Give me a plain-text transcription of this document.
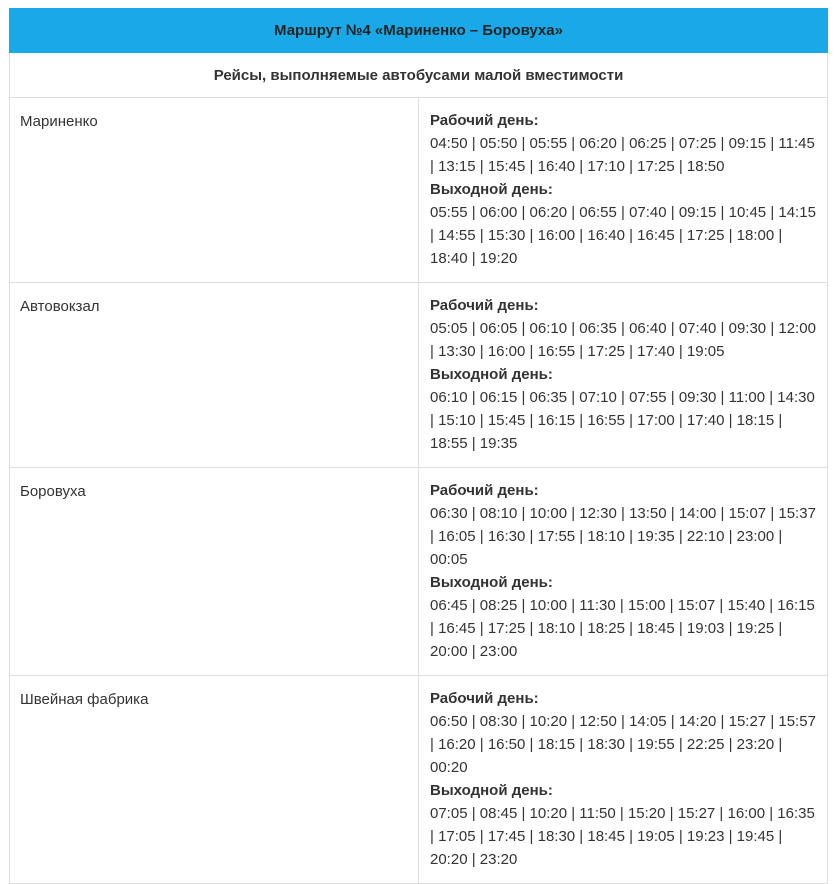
Маршрут №4 «Мариненко – Боровуха»	
Рейсы, выполняемые автобусами малой вместимости	
Мариненко	Рабочий день:
04:50 | 05:50 | 05:55 | 06:20 | 06:25 | 07:25 | 09:15 | 11:45 | 13:15 | 15:45 | 16:40 | 17:10 | 17:25 | 18:50
Выходной день:
05:55 | 06:00 | 06:20 | 06:55 | 07:40 | 09:15 | 10:45 | 14:15 | 14:55 | 15:30 | 16:00 | 16:40 | 16:45 | 17:25 | 18:00 | 18:40 | 19:20

Автовокзал	Рабочий день:
05:05 | 06:05 | 06:10 | 06:35 | 06:40 | 07:40 | 09:30 | 12:00 | 13:30 | 16:00 | 16:55 | 17:25 | 17:40 | 19:05
Выходной день:
06:10 | 06:15 | 06:35 | 07:10 | 07:55 | 09:30 | 11:00 | 14:30 | 15:10 | 15:45 | 16:15 | 16:55 | 17:00 | 17:40 | 18:15 | 18:55 | 19:35

Боровуха	Рабочий день:
06:30 | 08:10 | 10:00 | 12:30 | 13:50 | 14:00 | 15:07 | 15:37 | 16:05 | 16:30 | 17:55 | 18:10 | 19:35 | 22:10 | 23:00 | 00:05
Выходной день:
06:45 | 08:25 | 10:00 | 11:30 | 15:00 | 15:07 | 15:40 | 16:15 | 16:45 | 17:25 | 18:10 | 18:25 | 18:45 | 19:03 | 19:25 | 20:00 | 23:00

Швейная фабрика	Рабочий день:
06:50 | 08:30 | 10:20 | 12:50 | 14:05 | 14:20 | 15:27 | 15:57 | 16:20 | 16:50 | 18:15 | 18:30 | 19:55 | 22:25 | 23:20 | 00:20
Выходной день:
07:05 | 08:45 | 10:20 | 11:50 | 15:20 | 15:27 | 16:00 | 16:35 | 17:05 | 17:45 | 18:30 | 18:45 | 19:05 | 19:23 | 19:45 | 20:20 | 23:20
